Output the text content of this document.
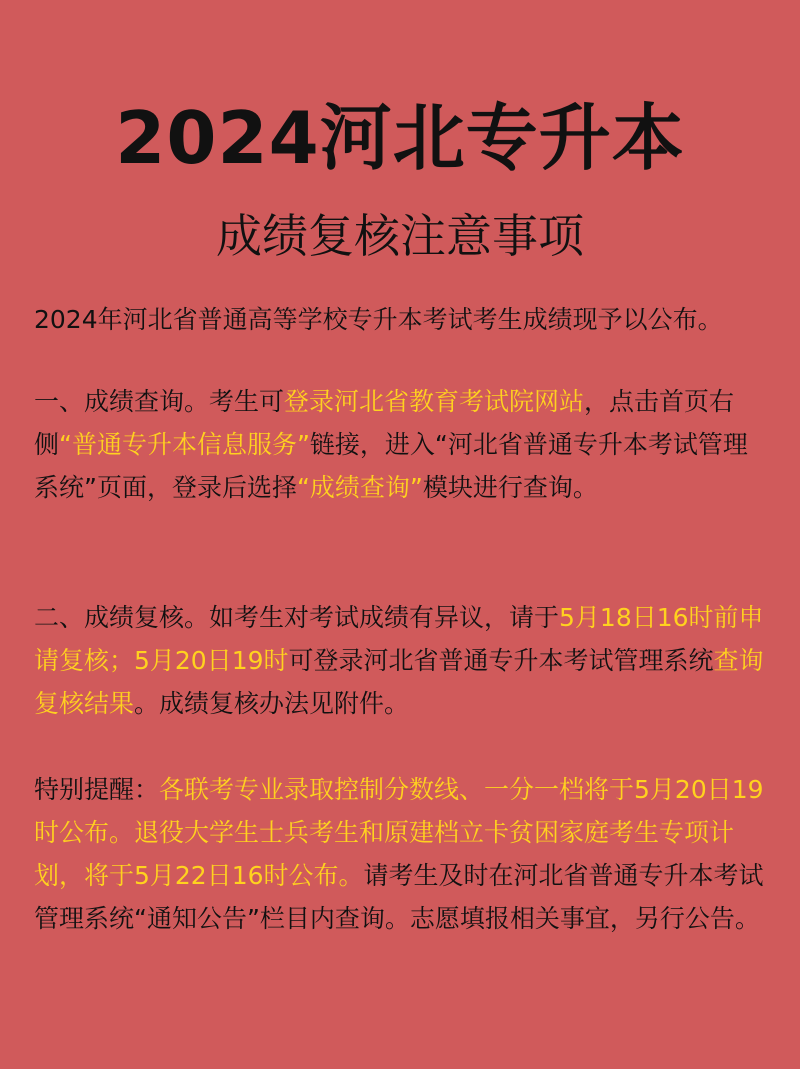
2024河北专升本
成绩复核注意事项

2024年河北省普通高等学校专升本考试考生成绩现予以公布。

一、成绩查询。考生可登录河北省教育考试院网站，点击首页右侧“普通专升本信息服务”链接，进入“河北省普通专升本考试管理系统”页面，登录后选择“成绩查询”模块进行查询。

二、成绩复核。如考生对考试成绩有异议，请于5月18日16时前申请复核；5月20日19时可登录河北省普通专升本考试管理系统查询复核结果。成绩复核办法见附件。

特别提醒：各联考专业录取控制分数线、一分一档将于5月20日19时公布。退役大学生士兵考生和原建档立卡贫困家庭考生专项计划，将于5月22日16时公布。请考生及时在河北省普通专升本考试管理系统“通知公告”栏目内查询。志愿填报相关事宜，另行公告。
